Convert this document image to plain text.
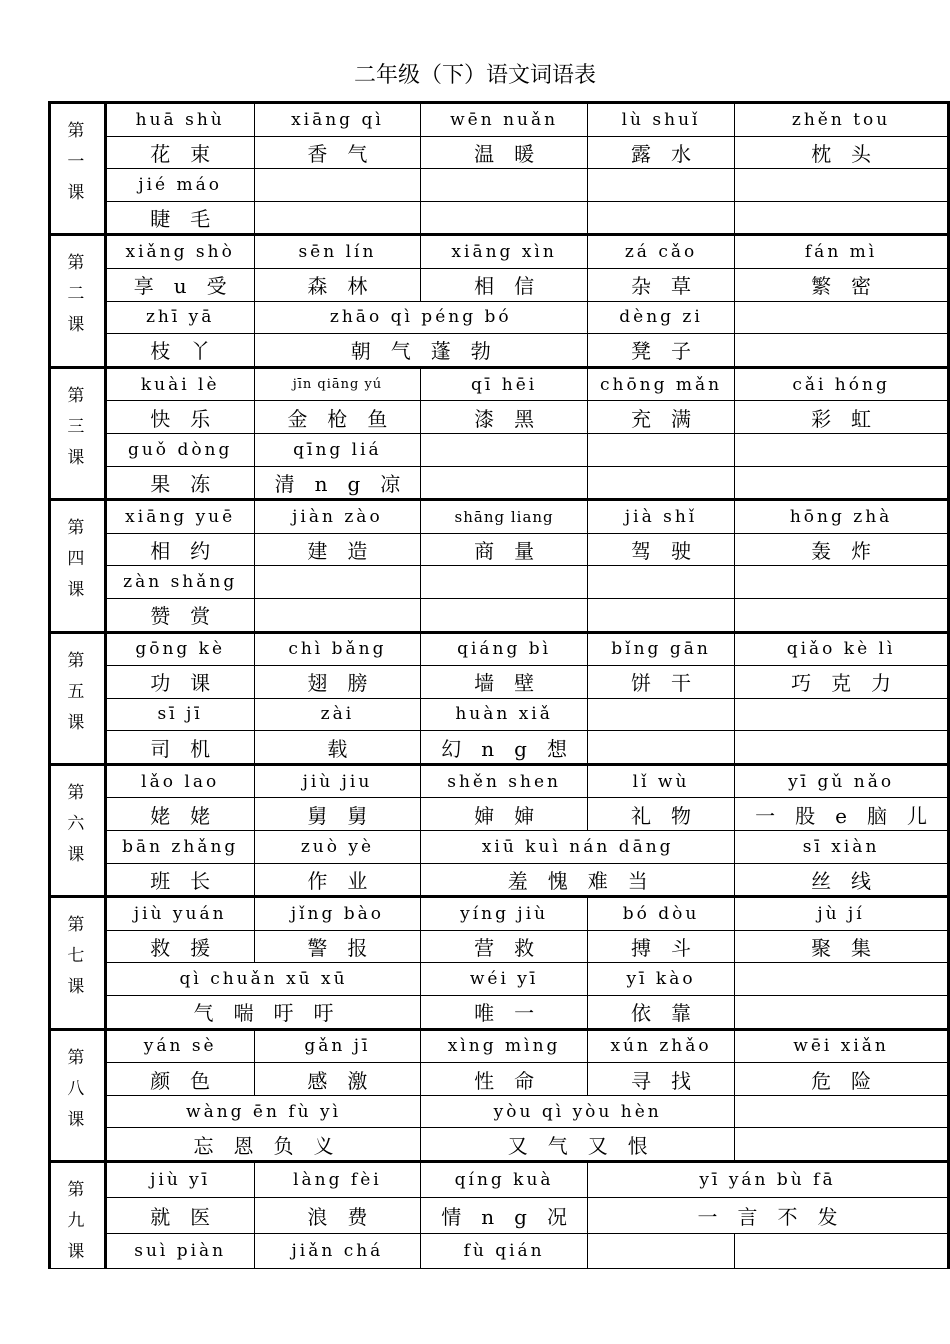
二年级（下）语文词语表
第
一
课	huā shù	xiāng qì	wēn nuǎn	lù shuǐ	zhěn tou
	花束	香气	温暖	露水	枕头
	jié máo				
	睫毛				

第
二
课	xiǎng shò	sēn lín	xiāng xìn	zá cǎo	fán mì
	享u受	森林	相信	杂草	繁密
	zhī yā	zhāo qì péng bó		dèng zi	
	枝丫	朝气蓬勃		凳子	

第
三
课	kuài lè	jīn qiāng yú	qī hēi	chōng mǎn	cǎi hóng
	快乐	金枪鱼	漆黑	充满	彩虹
	guǒ dòng	qīng liá			
	果冻	清ng凉			

第
四
课	xiāng yuē	jiàn zào	shāng liang	jià shǐ	hōng zhà
	相约	建造	商量	驾驶	轰炸
	zàn shǎng				
	赞赏				

第
五
课	gōng kè	chì bǎng	qiáng bì	bǐng gān	qiǎo kè lì
	功课	翅膀	墙壁	饼干	巧克力
	sī jī	zài	huàn xiǎ		
	司机	载	幻ng想		

第
六
课	lǎo lao	jiù jiu	shěn shen	lǐ wù	yī gǔ nǎo
	姥姥	舅舅	婶婶	礼物	一股e脑儿
	bān zhǎng	zuò yè	xiū kuì nán dāng		sī xiàn
	班长	作业	羞愧难当		丝线

第
七
课	jiù yuán	jǐng bào	yíng jiù	bó dòu	jù jí
	救援	警报	营救	搏斗	聚集
	qì chuǎn xū xū		wéi yī	yī kào	
	气喘吁吁		唯一	依靠	

第
八
课	yán sè	gǎn jī	xìng mìng	xún zhǎo	wēi xiǎn
	颜色	感激	性命	寻找	危险
	wàng ēn fù yì		yòu qì yòu hèn		
	忘恩负义		又气又恨		

第
九
课	jiù yī	làng fèi	qíng kuà	yī yán bù fā	
	就医	浪费	情ng况	一言不发	
	suì piàn	jiǎn chá	fù qián		
